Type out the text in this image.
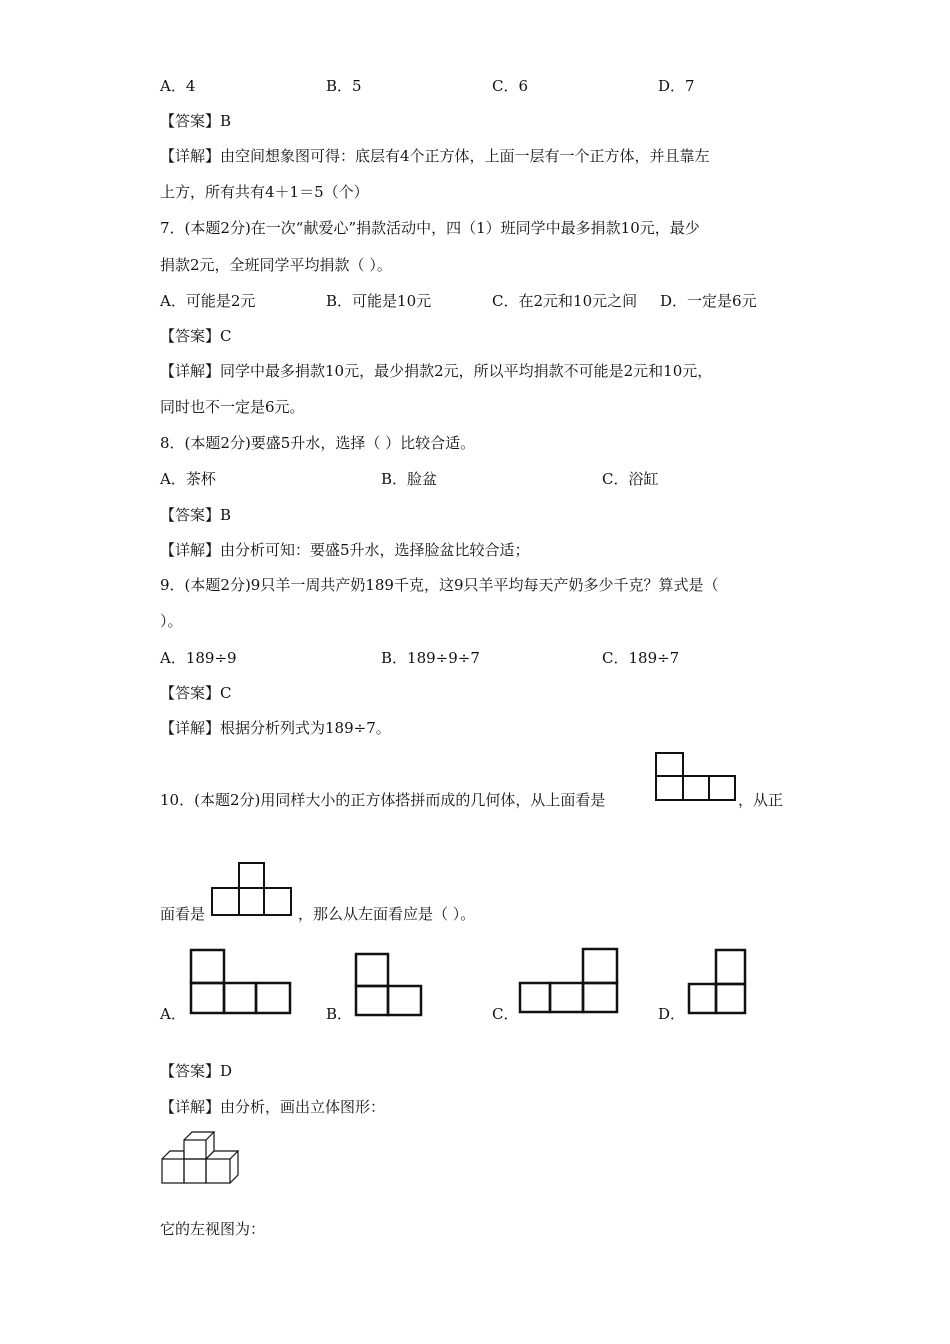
A．4	B．5	C．6	D．7
【答案】B
【详解】由空间想象图可得：底层有4个正方体，上面一层有一个正方体，并且靠左
上方，所有共有4＋1＝5（个）
7．(本题2分)在一次“献爱心”捐款活动中，四（1）班同学中最多捐款10元，最少
捐款2元，全班同学平均捐款（ ）。
A．可能是2元	B．可能是10元	C．在2元和10元之间 D．一定是6元
【答案】C
【详解】同学中最多捐款10元，最少捐款2元，所以平均捐款不可能是2元和10元，
同时也不一定是6元。
8．(本题2分)要盛5升水，选择（ ）比较合适。
A．茶杯	B．脸盆	C．浴缸
【答案】B
【详解】由分析可知：要盛5升水，选择脸盆比较合适；
9．(本题2分)9只羊一周共产奶189千克，这9只羊平均每天产奶多少千克？算式是（
）。
A．189÷9	B．189÷9÷7	C．189÷7
【答案】C
【详解】根据分析列式为189÷7。
10．(本题2分)用同样大小的正方体搭拼而成的几何体，从上面看是	，从正
面看是	，那么从左面看应是（ ）。
A．	B．	C．	D．
【答案】D
【详解】由分析，画出立体图形：
它的左视图为：
